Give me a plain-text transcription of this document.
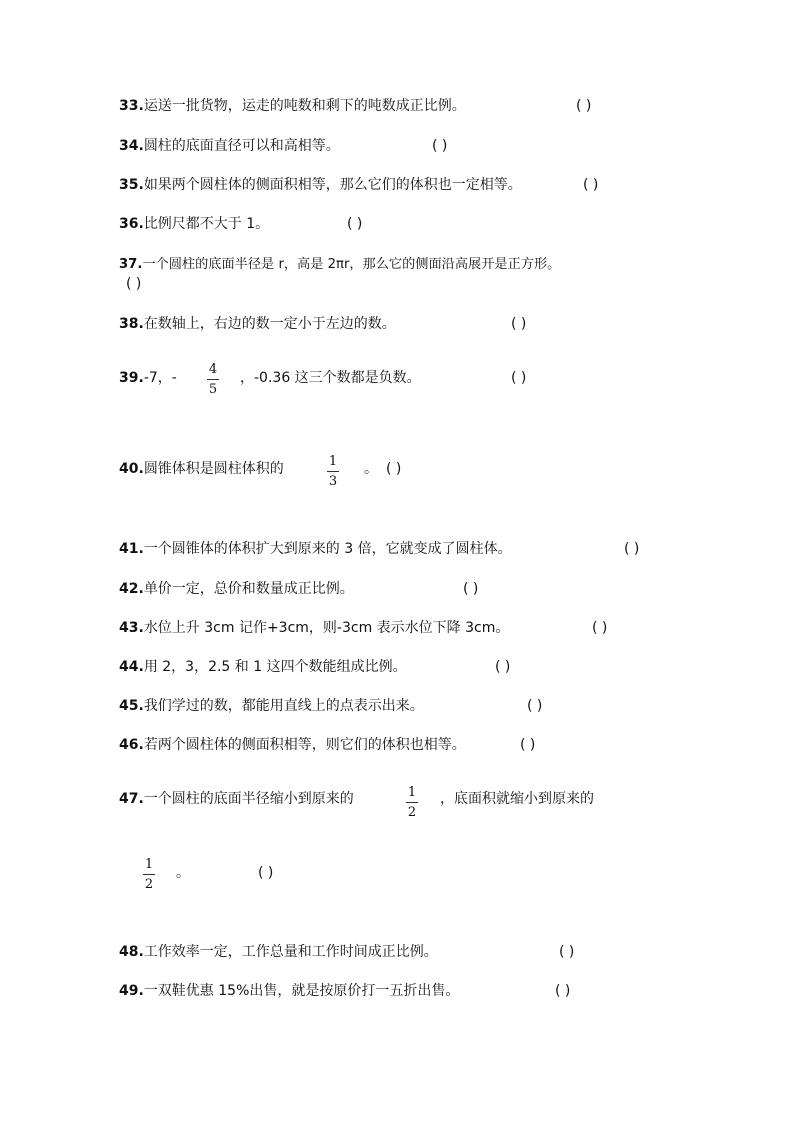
33.运送一批货物，运走的吨数和剩下的吨数成正比例。	( )
34.圆柱的底面直径可以和高相等。	( )
35.如果两个圆柱体的侧面积相等，那么它们的体积也一定相等。	( )
36.比例尺都不大于 1。	( )
37.一个圆柱的底面半径是 r，高是 2πr，那么它的侧面沿高展开是正方形。
( )
38.在数轴上，右边的数一定小于左边的数。	( )
39.-7，-
4
5
，-0.36 这三个数都是负数。	( )
40.圆锥体积是圆柱体积的	1
3
。 ( )
41.一个圆锥体的体积扩大到原来的 3 倍，它就变成了圆柱体。	( )
42.单价一定，总价和数量成正比例。	( )
43.水位上升 3cm 记作+3cm，则-3cm 表示水位下降 3cm。	( )
44.用 2，3，2.5 和 1 这四个数能组成比例。	( )
45.我们学过的数，都能用直线上的点表示出来。	( )
46.若两个圆柱体的侧面积相等，则它们的体积也相等。	( )
47.一个圆柱的底面半径缩小到原来的	1
2
，底面积就缩小到原来的
1
2
。	( )
48.工作效率一定，工作总量和工作时间成正比例。	( )
49.一双鞋优惠 15%出售，就是按原价打一五折出售。	( )
